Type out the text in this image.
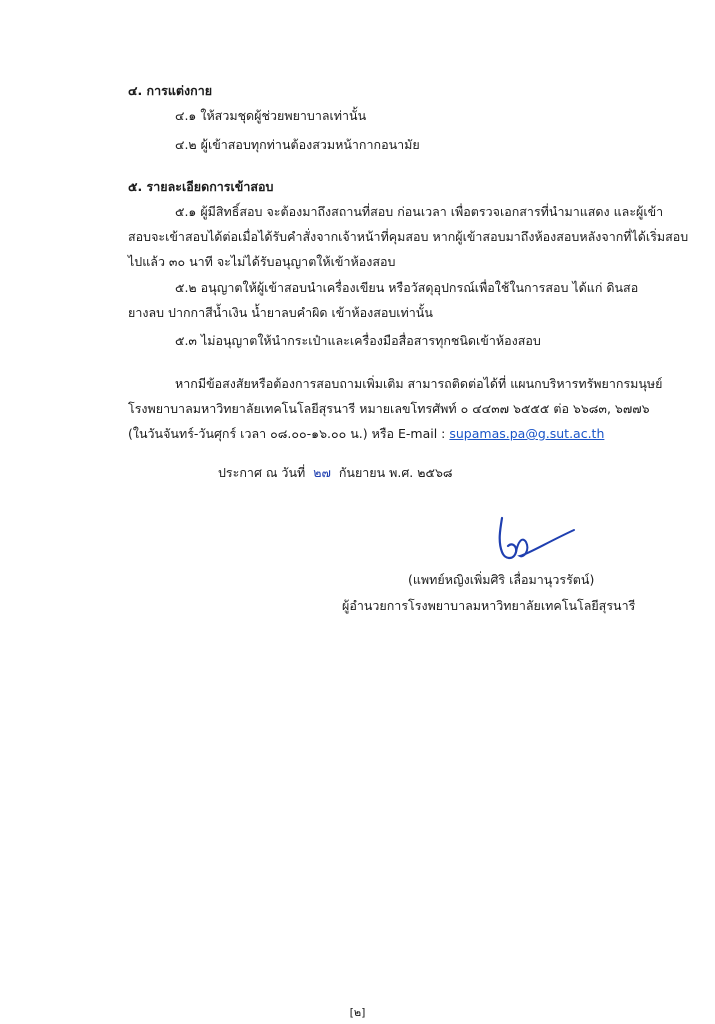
๔. การแต่งกาย
๔.๑ ให้สวมชุดผู้ช่วยพยาบาลเท่านั้น
๔.๒ ผู้เข้าสอบทุกท่านต้องสวมหน้ากากอนามัย
๕. รายละเอียดการเข้าสอบ
๕.๑ ผู้มีสิทธิ์สอบ จะต้องมาถึงสถานที่สอบ ก่อนเวลา เพื่อตรวจเอกสารที่นำมาแสดง และผู้เข้า
สอบจะเข้าสอบได้ต่อเมื่อได้รับคำสั่งจากเจ้าหน้าที่คุมสอบ หากผู้เข้าสอบมาถึงห้องสอบหลังจากที่ได้เริ่มสอบ
ไปแล้ว ๓๐ นาที จะไม่ได้รับอนุญาตให้เข้าห้องสอบ
๕.๒ อนุญาตให้ผู้เข้าสอบนำเครื่องเขียน หรือวัสดุอุปกรณ์เพื่อใช้ในการสอบ ได้แก่ ดินสอ
ยางลบ ปากกาสีน้ำเงิน น้ำยาลบคำผิด เข้าห้องสอบเท่านั้น
๕.๓ ไม่อนุญาตให้นำกระเป๋าและเครื่องมือสื่อสารทุกชนิดเข้าห้องสอบ
หากมีข้อสงสัยหรือต้องการสอบถามเพิ่มเติม สามารถติดต่อได้ที่ แผนกบริหารทรัพยากรมนุษย์
โรงพยาบาลมหาวิทยาลัยเทคโนโลยีสุรนารี หมายเลขโทรศัพท์ ๐ ๔๔๓๗ ๖๕๕๕ ต่อ ๖๖๘๓, ๖๗๗๖
(ในวันจันทร์-วันศุกร์ เวลา ๐๘.๐๐-๑๖.๐๐ น.) หรือ E-mail : supamas.pa@g.sut.ac.th
ประกาศ ณ วันที่ ๒๗ กันยายน พ.ศ. ๒๕๖๘
(แพทย์หญิงเพิ่มศิริ เลื่อมานุวรรัตน์)
ผู้อำนวยการโรงพยาบาลมหาวิทยาลัยเทคโนโลยีสุรนารี
[๒]
